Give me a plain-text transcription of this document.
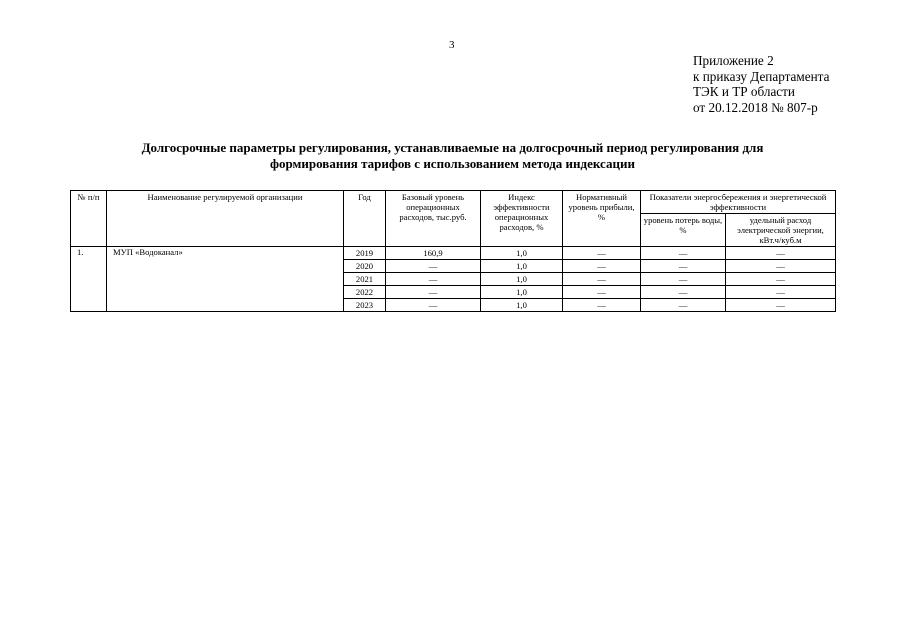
3
Приложение 2
к приказу Департамента
ТЭК и ТР области
от 20.12.2018 № 807-р
Долгосрочные параметры регулирования, устанавливаемые на долгосрочный период регулирования для
формирования тарифов с использованием метода индексации
№ п/п	Наименование регулируемой организации	Год	Базовый уровень операционных расходов, тыс.руб.	Индекс эффективности операционных расходов, %	Нормативный уровень прибыли, %	Показатели энергосбережения и энергетической эффективности	
						уровень потерь воды, %	удельный расход электрической энергии, кВт.ч/куб.м
1.	МУП «Водоканал»	2019	160,9	1,0	—	—	—
		2020	—	1,0	—	—	—
		2021	—	1,0	—	—	—
		2022	—	1,0	—	—	—
		2023	—	1,0	—	—	—
